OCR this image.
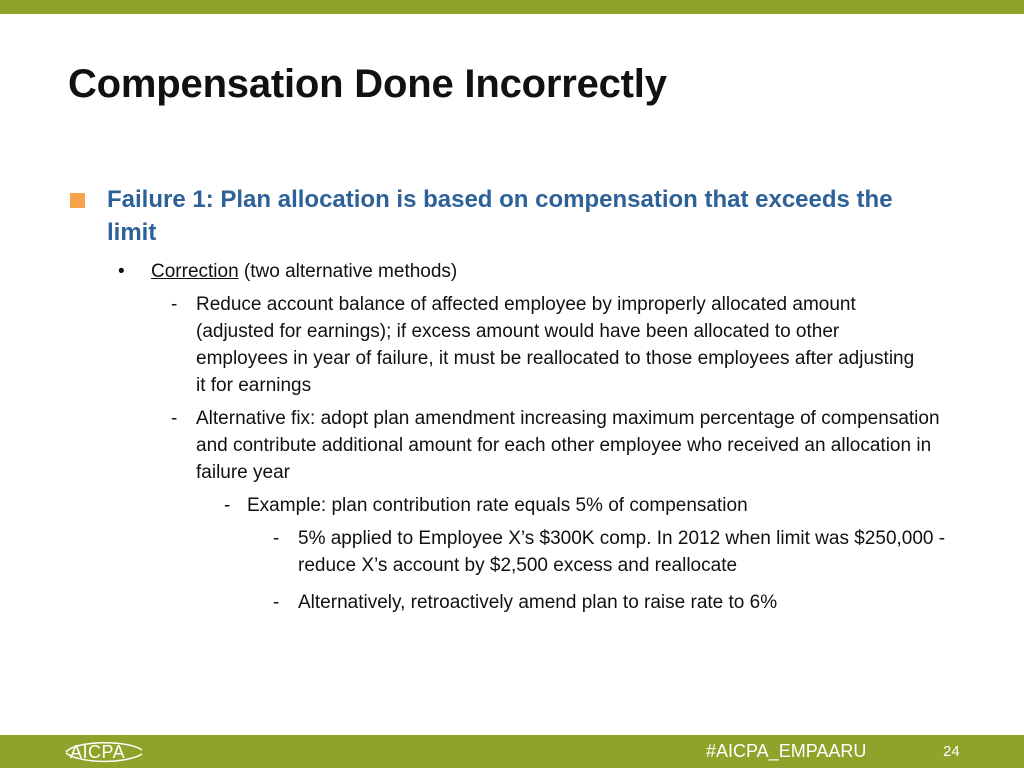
Compensation Done Incorrectly
Failure 1: Plan allocation is based on compensation that exceeds the limit
• Correction (two alternative methods)
- Reduce account balance of affected employee by improperly allocated amount (adjusted for earnings); if excess amount would have been allocated to other employees in year of failure, it must be reallocated to those employees after adjusting it for earnings
- Alternative fix: adopt plan amendment increasing maximum percentage of compensation and contribute additional amount for each other employee who received an allocation in failure year
- Example: plan contribution rate equals 5% of compensation
- 5% applied to Employee X’s $300K comp. In 2012 when limit was $250,000 - reduce X’s account by $2,500 excess and reallocate
- Alternatively, retroactively amend plan to raise rate to 6%
AICPA	#AICPA_EMPAARU	24
